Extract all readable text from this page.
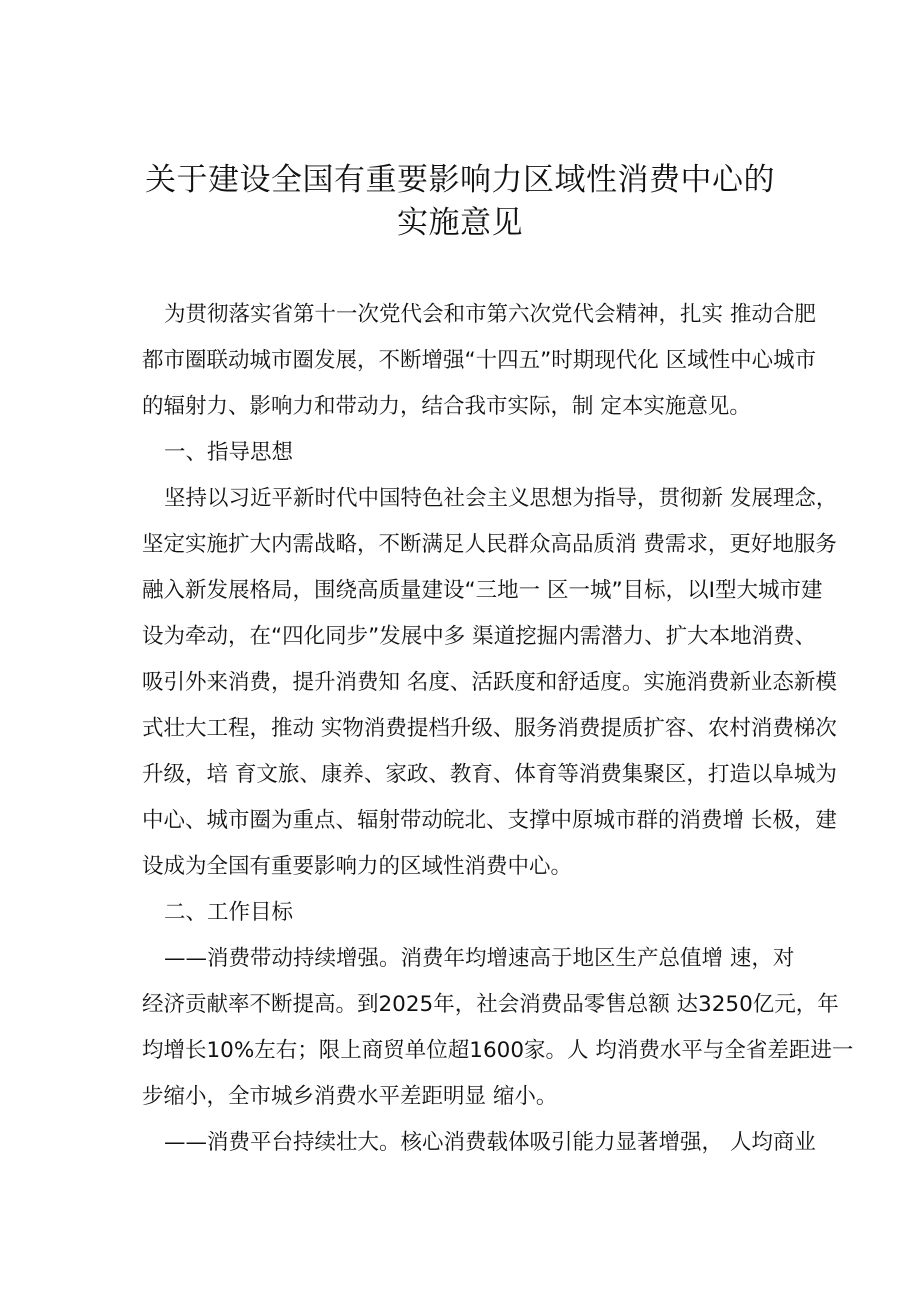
关于建设全国有重要影响力区域性消费中心的
实施意见
为贯彻落实省第十一次党代会和市第六次党代会精神，扎实 推动合肥
都市圈联动城市圈发展，不断增强“十四五”时期现代化 区域性中心城市
的辐射力、影响力和带动力，结合我市实际，制 定本实施意见。
一、指导思想
坚持以习近平新时代中国特色社会主义思想为指导，贯彻新 发展理念，
坚定实施扩大内需战略，不断满足人民群众高品质消 费需求，更好地服务
融入新发展格局，围绕高质量建设“三地一 区一城”目标，以I型大城市建
设为牵动，在“四化同步”发展中多 渠道挖掘内需潜力、扩大本地消费、
吸引外来消费，提升消费知 名度、活跃度和舒适度。实施消费新业态新模
式壮大工程，推动 实物消费提档升级、服务消费提质扩容、农村消费梯次
升级，培 育文旅、康养、家政、教育、体育等消费集聚区，打造以阜城为
中心、城市圈为重点、辐射带动皖北、支撑中原城市群的消费增 长极，建
设成为全国有重要影响力的区域性消费中心。
二、工作目标
——消费带动持续增强。消费年均增速高于地区生产总值增 速，对
经济贡献率不断提高。到2025年，社会消费品零售总额 达3250亿元，年
均增长10%左右；限上商贸单位超1600家。人 均消费水平与全省差距进一
步缩小，全市城乡消费水平差距明显 缩小。
——消费平台持续壮大。核心消费载体吸引能力显著增强， 人均商业
